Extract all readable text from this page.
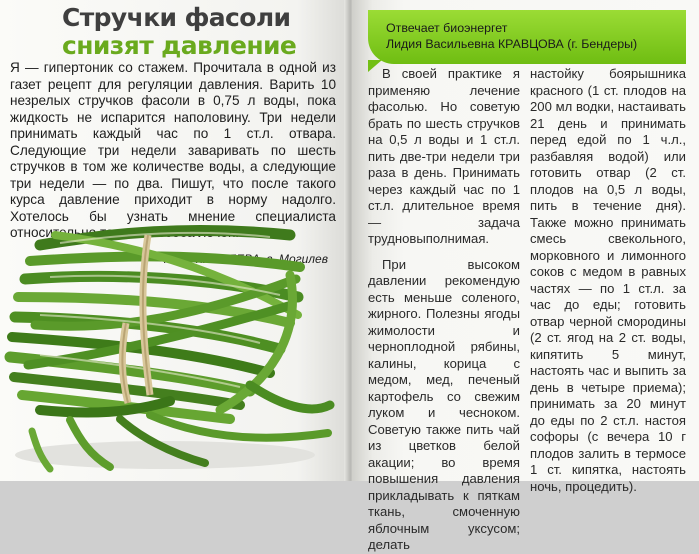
Стручки фасоли
снизят давление

Я — гипертоник со стажем. Прочитала в одной из газет рецепт для регуляции давления. Варить 10 незрелых стручков фасоли в 0,75 л воды, пока жидкость не испарится наполовину. Три недели принимать каждый час по 1 ст.л. отвара. Следующие три недели заваривать по шесть стручков в том же количестве воды, а следующие три недели — по два. Пишут, что после такого курса давление приходит в норму надолго. Хотелось бы узнать мнение специалиста относительно такого способа лечения.

Нина КИСЕЛЕВА, г. Могилев
Отвечает биоэнергет
Лидия Васильевна КРАВЦОВА (г. Бендеры)

В своей практике я применяю лечение фасолью. Но советую брать по шесть стручков на 0,5 л воды и 1 ст.л. пить две-три недели три раза в день. Принимать через каждый час по 1 ст.л. длительное время — задача трудновыполнимая.

При высоком давлении рекомендую есть меньше соленого, жирного. Полезны ягоды жимолости и черноплодной рябины, калины, корица с медом, мед, печеный картофель со свежим луком и чесноком. Советую также пить чай из цветков белой акации; во время повышения давления прикладывать к пяткам ткань, смоченную яблочным уксусом; делать

настойку боярышника красного (1 ст. плодов на 200 мл водки, настаивать 21 день и принимать перед едой по 1 ч.л., разбавляя водой) или готовить отвар (2 ст. плодов на 0,5 л воды, пить в течение дня). Также можно принимать смесь свекольного, морковного и лимонного соков с медом в равных частях — по 1 ст.л. за час до еды; готовить отвар черной смородины (2 ст. ягод на 2 ст. воды, кипятить 5 минут, настоять час и выпить за день в четыре приема); принимать за 20 минут до еды по 2 ст.л. настоя софоры (с вечера 10 г плодов залить в термосе 1 ст. кипятка, настоять ночь, процедить).
